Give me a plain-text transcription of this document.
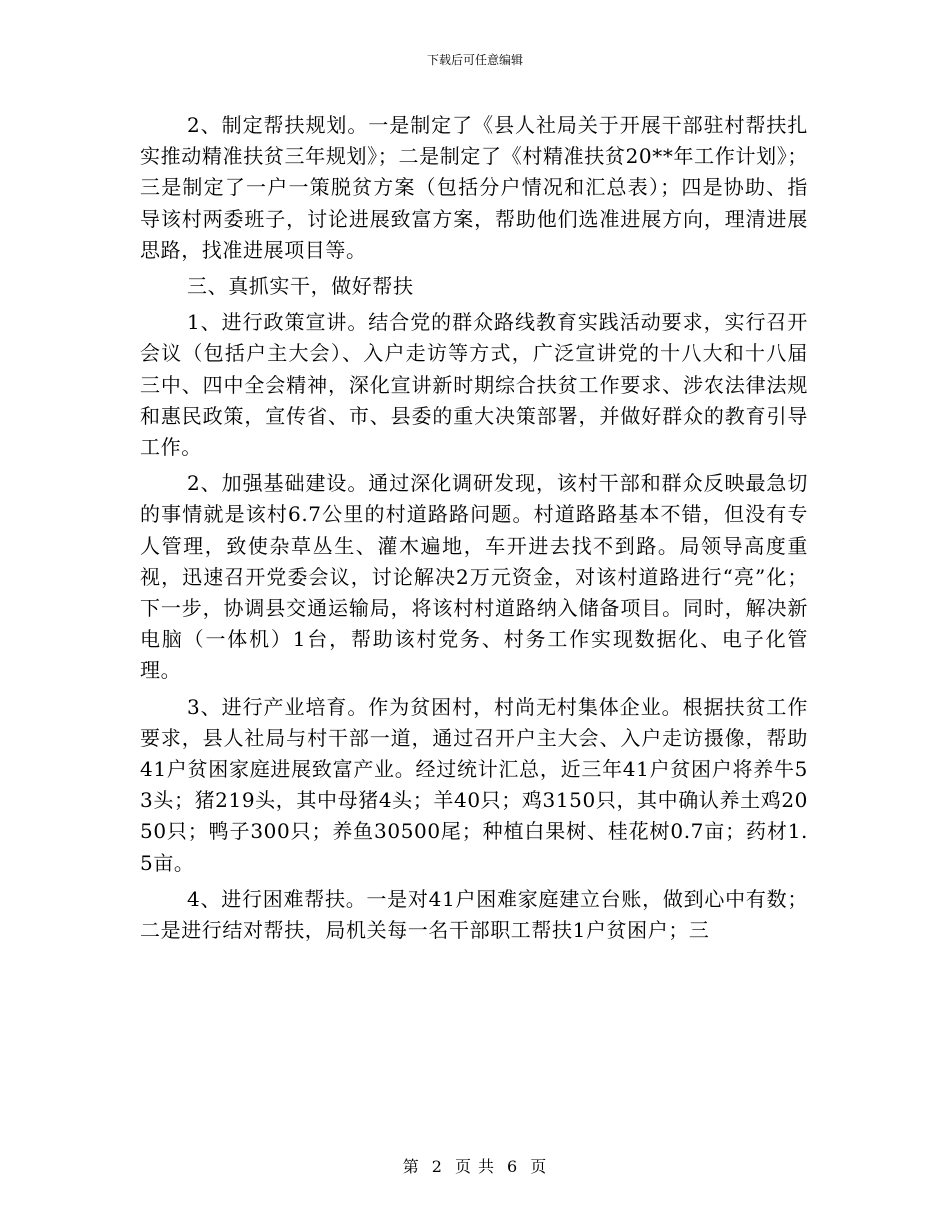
下载后可任意编辑

2、制定帮扶规划。一是制定了《县人社局关于开展干部驻村帮扶扎实推动精准扶贫三年规划》；二是制定了《村精准扶贫20**年工作计划》；三是制定了一户一策脱贫方案（包括分户情况和汇总表）；四是协助、指导该村两委班子，讨论进展致富方案，帮助他们选准进展方向，理清进展思路，找准进展项目等。

三、真抓实干，做好帮扶

1、进行政策宣讲。结合党的群众路线教育实践活动要求，实行召开会议（包括户主大会）、入户走访等方式，广泛宣讲党的十八大和十八届三中、四中全会精神，深化宣讲新时期综合扶贫工作要求、涉农法律法规和惠民政策，宣传省、市、县委的重大决策部署，并做好群众的教育引导工作。

2、加强基础建设。通过深化调研发现，该村干部和群众反映最急切的事情就是该村6.7公里的村道路路问题。村道路路基本不错，但没有专人管理，致使杂草丛生、灌木遍地，车开进去找不到路。局领导高度重视，迅速召开党委会议，讨论解决2万元资金，对该村道路进行“亮”化；下一步，协调县交通运输局，将该村村道路纳入储备项目。同时，解决新电脑（一体机）1台，帮助该村党务、村务工作实现数据化、电子化管理。

3、进行产业培育。作为贫困村，村尚无村集体企业。根据扶贫工作要求，县人社局与村干部一道，通过召开户主大会、入户走访摄像，帮助41户贫困家庭进展致富产业。经过统计汇总，近三年41户贫困户将养牛53头；猪219头，其中母猪4头；羊40只；鸡3150只，其中确认养土鸡2050只；鸭子300只；养鱼30500尾；种植白果树、桂花树0.7亩；药材1.5亩。

4、进行困难帮扶。一是对41户困难家庭建立台账，做到心中有数；二是进行结对帮扶，局机关每一名干部职工帮扶1户贫困户；三

第 2 页 共 6 页
